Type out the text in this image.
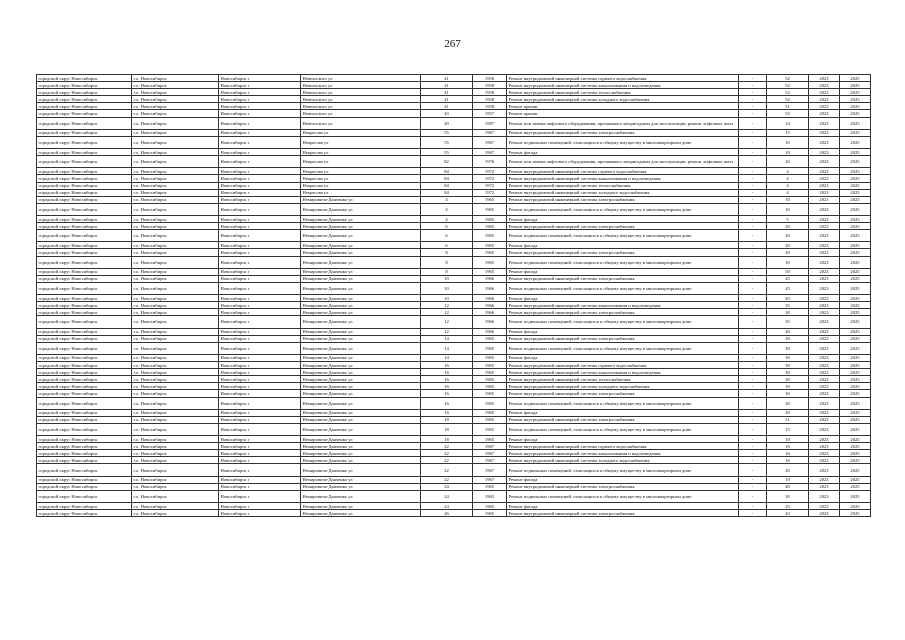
267
городской округ Новосибирск	г.о. Новосибирск	Новосибирск г	Невельского ул	41	1958	Ремонт внутридомовой инженерной системы горячего водоснабжения	-	52	2023	2025
городской округ Новосибирск	г.о. Новосибирск	Новосибирск г	Невельского ул	41	1958	Ремонт внутридомовой инженерной системы канализования и водоотведения	-	52	2023	2025
городской округ Новосибирск	г.о. Новосибирск	Новосибирск г	Невельского ул	41	1958	Ремонт внутридомовой инженерной системы теплоснабжения	-	52	2023	2025
городской округ Новосибирск	г.о. Новосибирск	Новосибирск г	Невельского ул	41	1958	Ремонт внутридомовой инженерной системы холодного водоснабжения	-	52	2023	2025
городской округ Новосибирск	г.о. Новосибирск	Новосибирск г	Невельского ул	41	1958	Ремонт крыши	-	51	2023	2025
городской округ Новосибирск	г.о. Новосибирск	Новосибирск г	Невельского ул	43	1957	Ремонт крыши	-	53	2023	2025
городской округ Новосибирск	г.о. Новосибирск	Новосибирск г	Невельского ул	49	1987	Ремонт или замена лифтового оборудования, признанного непригодным для эксплуатации, ремонт лифтовых шахт	-	14	2023	2025
городской округ Новосибирск	г.о. Новосибирск	Новосибирск г	Некрасова ул	55	1967	Ремонт внутридомовой инженерной системы электроснабжения	-	15	2023	2025
городской округ Новосибирск	г.о. Новосибирск	Новосибирск г	Некрасова ул	55	1967	Ремонт подвальных помещений, относящихся к общему имуществу в многоквартирном доме	-	10	2023	2025
городской округ Новосибирск	г.о. Новосибирск	Новосибирск г	Некрасова ул	55	1967	Ремонт фасада	-	10	2023	2025
городской округ Новосибирск	г.о. Новосибирск	Новосибирск г	Некрасова ул	82	1976	Ремонт или замена лифтового оборудования, признанного непригодным для эксплуатации, ремонт лифтовых шахт	-	20	2023	2025
городской округ Новосибирск	г.о. Новосибирск	Новосибирск г	Некрасова ул	84	1972	Ремонт внутридомовой инженерной системы горячего водоснабжения	-	4	2023	2025
городской округ Новосибирск	г.о. Новосибирск	Новосибирск г	Некрасова ул	84	1972	Ремонт внутридомовой инженерной системы канализования и водоотведения	-	4	2023	2025
городской округ Новосибирск	г.о. Новосибирск	Новосибирск г	Некрасова ул	84	1972	Ремонт внутридомовой инженерной системы теплоснабжения	-	4	2023	2025
городской округ Новосибирск	г.о. Новосибирск	Новосибирск г	Некрасова ул	84	1972	Ремонт внутридомовой инженерной системы холодного водоснабжения	-	4	2023	2025
городской округ Новосибирск	г.о. Новосибирск	Новосибирск г	Немировича-Данченко ул	4	1965	Ремонт внутридомовой инженерной системы электроснабжения	-	10	2023	2025
городской округ Новосибирск	г.о. Новосибирск	Новосибирск г	Немировича-Данченко ул	4	1965	Ремонт подвальных помещений, относящихся к общему имуществу в многоквартирном доме	-	10	2023	2025
городской округ Новосибирск	г.о. Новосибирск	Новосибирск г	Немировича-Данченко ул	4	1965	Ремонт фасада	-	5	2023	2025
городской округ Новосибирск	г.о. Новосибирск	Новосибирск г	Немировича-Данченко ул	6	1965	Ремонт внутридомовой инженерной системы электроснабжения	-	20	2023	2025
городской округ Новосибирск	г.о. Новосибирск	Новосибирск г	Немировича-Данченко ул	6	1965	Ремонт подвальных помещений, относящихся к общему имуществу в многоквартирном доме	-	20	2023	2025
городской округ Новосибирск	г.о. Новосибирск	Новосибирск г	Немировича-Данченко ул	6	1965	Ремонт фасада	-	20	2023	2025
городской округ Новосибирск	г.о. Новосибирск	Новосибирск г	Немировича-Данченко ул	8	1965	Ремонт внутридомовой инженерной системы электроснабжения	-	20	2023	2025
городской округ Новосибирск	г.о. Новосибирск	Новосибирск г	Немировича-Данченко ул	8	1965	Ремонт подвальных помещений, относящихся к общему имуществу в многоквартирном доме	-	30	2023	2025
городской округ Новосибирск	г.о. Новосибирск	Новосибирск г	Немировича-Данченко ул	8	1965	Ремонт фасада	-	50	2023	2025
городской округ Новосибирск	г.о. Новосибирск	Новосибирск г	Немировича-Данченко ул	10	1966	Ремонт внутридомовой инженерной системы электроснабжения	-	45	2023	2025
городской округ Новосибирск	г.о. Новосибирск	Новосибирск г	Немировича-Данченко ул	10	1966	Ремонт подвальных помещений, относящихся к общему имуществу в многоквартирном доме	-	45	2023	2025
городской округ Новосибирск	г.о. Новосибирск	Новосибирск г	Немировича-Данченко ул	10	1966	Ремонт фасада	-	45	2023	2025
городской округ Новосибирск	г.о. Новосибирск	Новосибирск г	Немировича-Данченко ул	12	1966	Ремонт внутридомовой инженерной системы канализования и водоотведения	-	35	2023	2025
городской округ Новосибирск	г.о. Новосибирск	Новосибирск г	Немировича-Данченко ул	12	1966	Ремонт внутридомовой инженерной системы электроснабжения	-	30	2023	2025
городской округ Новосибирск	г.о. Новосибирск	Новосибирск г	Немировича-Данченко ул	12	1966	Ремонт подвальных помещений, относящихся к общему имуществу в многоквартирном доме	-	35	2023	2025
городской округ Новосибирск	г.о. Новосибирск	Новосибирск г	Немировича-Данченко ул	12	1966	Ремонт фасада	-	20	2023	2025
городской округ Новосибирск	г.о. Новосибирск	Новосибирск г	Немировича-Данченко ул	14	1965	Ремонт внутридомовой инженерной системы электроснабжения	-	30	2023	2025
городской округ Новосибирск	г.о. Новосибирск	Новосибирск г	Немировича-Данченко ул	14	1965	Ремонт подвальных помещений, относящихся к общему имуществу в многоквартирном доме	-	30	2023	2025
городской округ Новосибирск	г.о. Новосибирск	Новосибирск г	Немировича-Данченко ул	14	1965	Ремонт фасада	-	30	2023	2025
городской округ Новосибирск	г.о. Новосибирск	Новосибирск г	Немировича-Данченко ул	16	1965	Ремонт внутридомовой инженерной системы горячего водоснабжения	-	30	2023	2025
городской округ Новосибирск	г.о. Новосибирск	Новосибирск г	Немировича-Данченко ул	16	1965	Ремонт внутридомовой инженерной системы канализования и водоотведения	-	30	2023	2025
городской округ Новосибирск	г.о. Новосибирск	Новосибирск г	Немировича-Данченко ул	16	1965	Ремонт внутридомовой инженерной системы теплоснабжения	-	30	2023	2025
городской округ Новосибирск	г.о. Новосибирск	Новосибирск г	Немировича-Данченко ул	16	1965	Ремонт внутридомовой инженерной системы холодного водоснабжения	-	30	2023	2025
городской округ Новосибирск	г.о. Новосибирск	Новосибирск г	Немировича-Данченко ул	16	1965	Ремонт внутридомовой инженерной системы электроснабжения	-	30	2023	2025
городской округ Новосибирск	г.о. Новосибирск	Новосибирск г	Немировича-Данченко ул	16	1965	Ремонт подвальных помещений, относящихся к общему имуществу в многоквартирном доме	-	30	2023	2025
городской округ Новосибирск	г.о. Новосибирск	Новосибирск г	Немировича-Данченко ул	16	1965	Ремонт фасада	-	20	2023	2025
городской округ Новосибирск	г.о. Новосибирск	Новосибирск г	Немировича-Данченко ул	18	1965	Ремонт внутридомовой инженерной системы электроснабжения	-	11	2023	2025
городской округ Новосибирск	г.о. Новосибирск	Новосибирск г	Немировича-Данченко ул	18	1965	Ремонт подвальных помещений, относящихся к общему имуществу в многоквартирном доме	-	15	2023	2025
городской округ Новосибирск	г.о. Новосибирск	Новосибирск г	Немировича-Данченко ул	18	1965	Ремонт фасада	-	10	2023	2025
городской округ Новосибирск	г.о. Новосибирск	Новосибирск г	Немировича-Данченко ул	22	1967	Ремонт внутридомовой инженерной системы горячего водоснабжения	-	16	2023	2025
городской округ Новосибирск	г.о. Новосибирск	Новосибирск г	Немировича-Данченко ул	22	1967	Ремонт внутридомовой инженерной системы канализования и водоотведения	-	16	2023	2025
городской округ Новосибирск	г.о. Новосибирск	Новосибирск г	Немировича-Данченко ул	22	1967	Ремонт внутридомовой инженерной системы холодного водоснабжения	-	16	2023	2025
городской округ Новосибирск	г.о. Новосибирск	Новосибирск г	Немировича-Данченко ул	22	1967	Ремонт подвальных помещений, относящихся к общему имуществу в многоквартирном доме	-	20	2023	2025
городской округ Новосибирск	г.о. Новосибирск	Новосибирск г	Немировича-Данченко ул	22	1967	Ремонт фасада	-	10	2023	2025
городской округ Новосибирск	г.о. Новосибирск	Новосибирск г	Немировича-Данченко ул	24	1965	Ремонт внутридомовой инженерной системы электроснабжения	-	40	2023	2025
городской округ Новосибирск	г.о. Новосибирск	Новосибирск г	Немировича-Данченко ул	24	1965	Ремонт подвальных помещений, относящихся к общему имуществу в многоквартирном доме	-	30	2023	2025
городской округ Новосибирск	г.о. Новосибирск	Новосибирск г	Немировича-Данченко ул	24	1965	Ремонт фасада	-	25	2023	2025
городской округ Новосибирск	г.о. Новосибирск	Новосибирск г	Немировича-Данченко ул	26	1965	Ремонт внутридомовой инженерной системы электроснабжения	-	43	2023	2025
